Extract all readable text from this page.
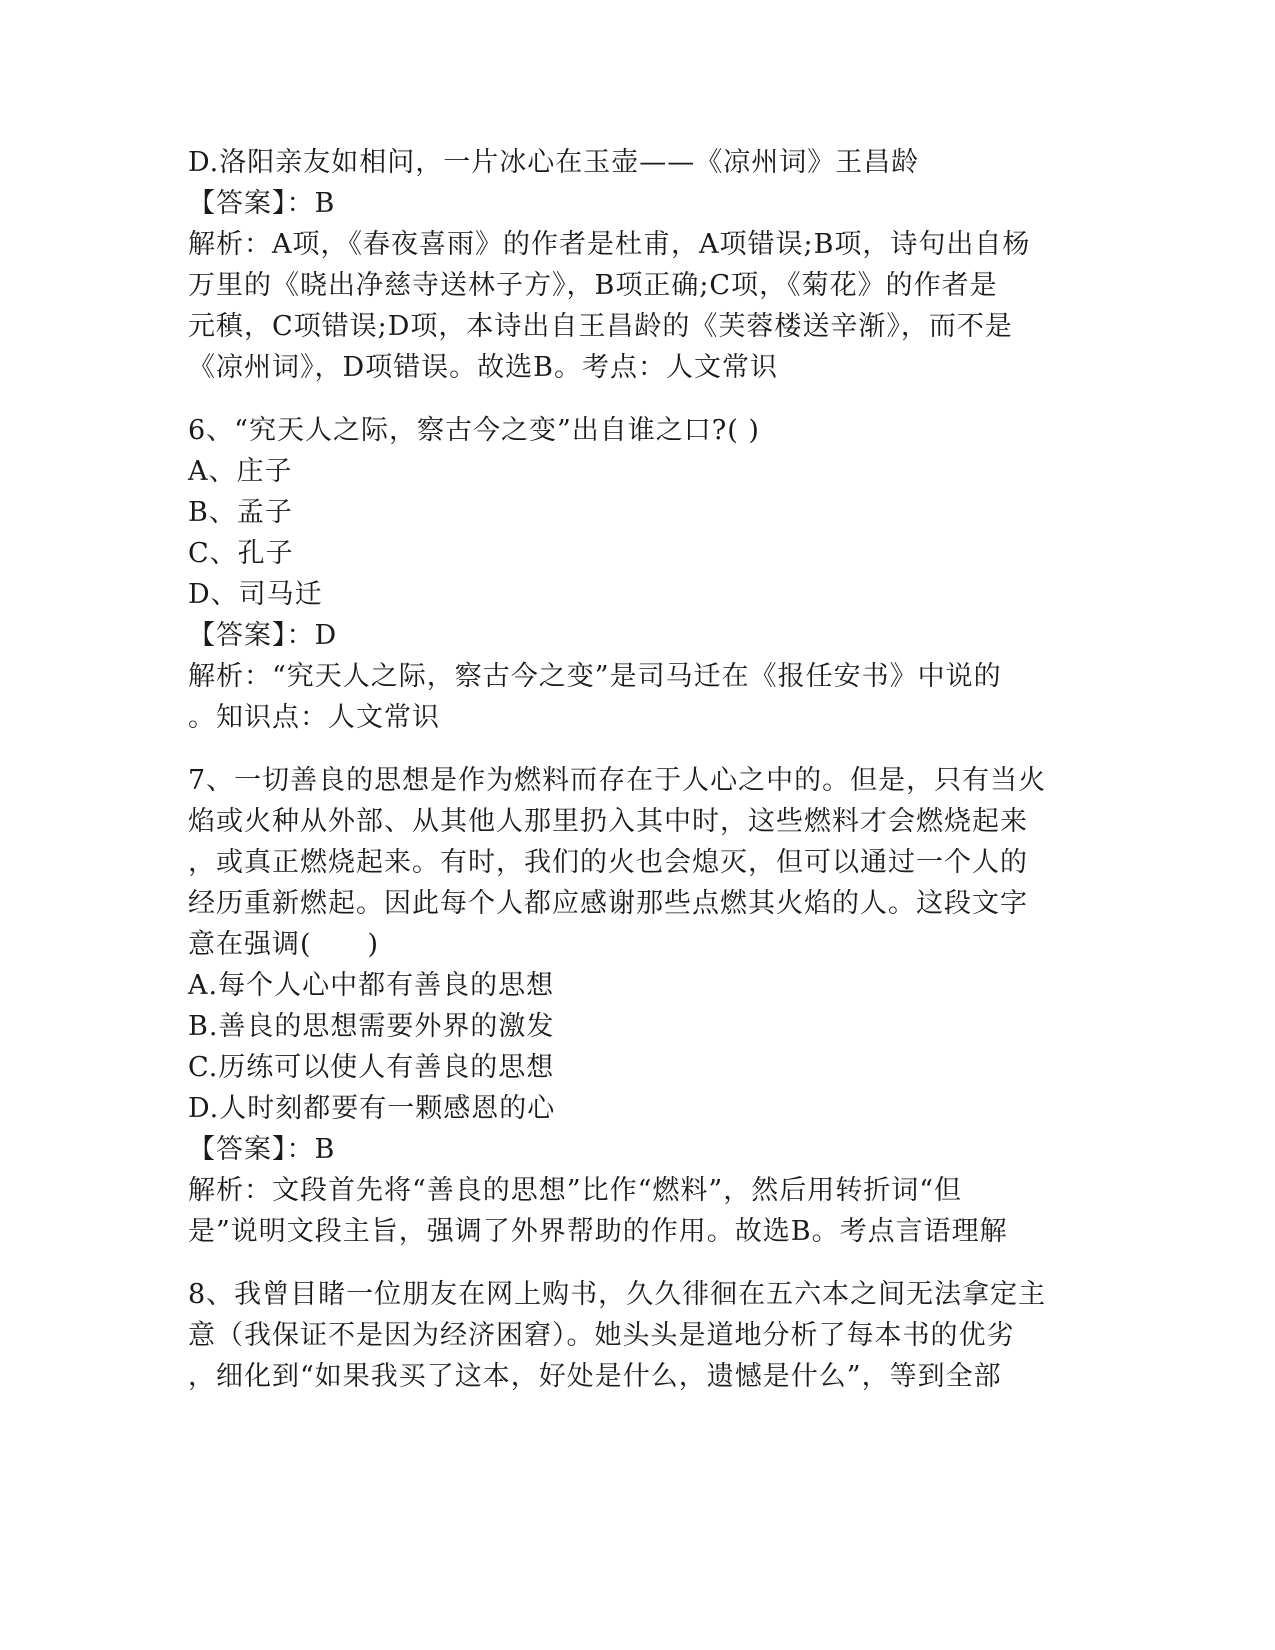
D.洛阳亲友如相问，一片冰心在玉壶——《凉州词》王昌龄
【答案】：B
解析：A项，《春夜喜雨》的作者是杜甫，A项错误;B项，诗句出自杨
万里的《晓出净慈寺送林子方》，B项正确;C项，《菊花》的作者是
元稹，C项错误;D项，本诗出自王昌龄的《芙蓉楼送辛渐》，而不是
《凉州词》，D项错误。故选B。考点：人文常识
6、“究天人之际，察古今之变”出自谁之口?( )
A、庄子
B、孟子
C、孔子
D、司马迁
【答案】：D
解析：“究天人之际，察古今之变”是司马迁在《报任安书》中说的
。知识点：人文常识
7、一切善良的思想是作为燃料而存在于人心之中的。但是，只有当火
焰或火种从外部、从其他人那里扔入其中时，这些燃料才会燃烧起来
，或真正燃烧起来。有时，我们的火也会熄灭，但可以通过一个人的
经历重新燃起。因此每个人都应感谢那些点燃其火焰的人。这段文字
意在强调(　　)
A.每个人心中都有善良的思想
B.善良的思想需要外界的激发
C.历练可以使人有善良的思想
D.人时刻都要有一颗感恩的心
【答案】：B
解析：文段首先将“善良的思想”比作“燃料”，然后用转折词“但
是”说明文段主旨，强调了外界帮助的作用。故选B。考点言语理解
8、我曾目睹一位朋友在网上购书，久久徘徊在五六本之间无法拿定主
意（我保证不是因为经济困窘）。她头头是道地分析了每本书的优劣
，细化到“如果我买了这本，好处是什么，遗憾是什么”，等到全部
